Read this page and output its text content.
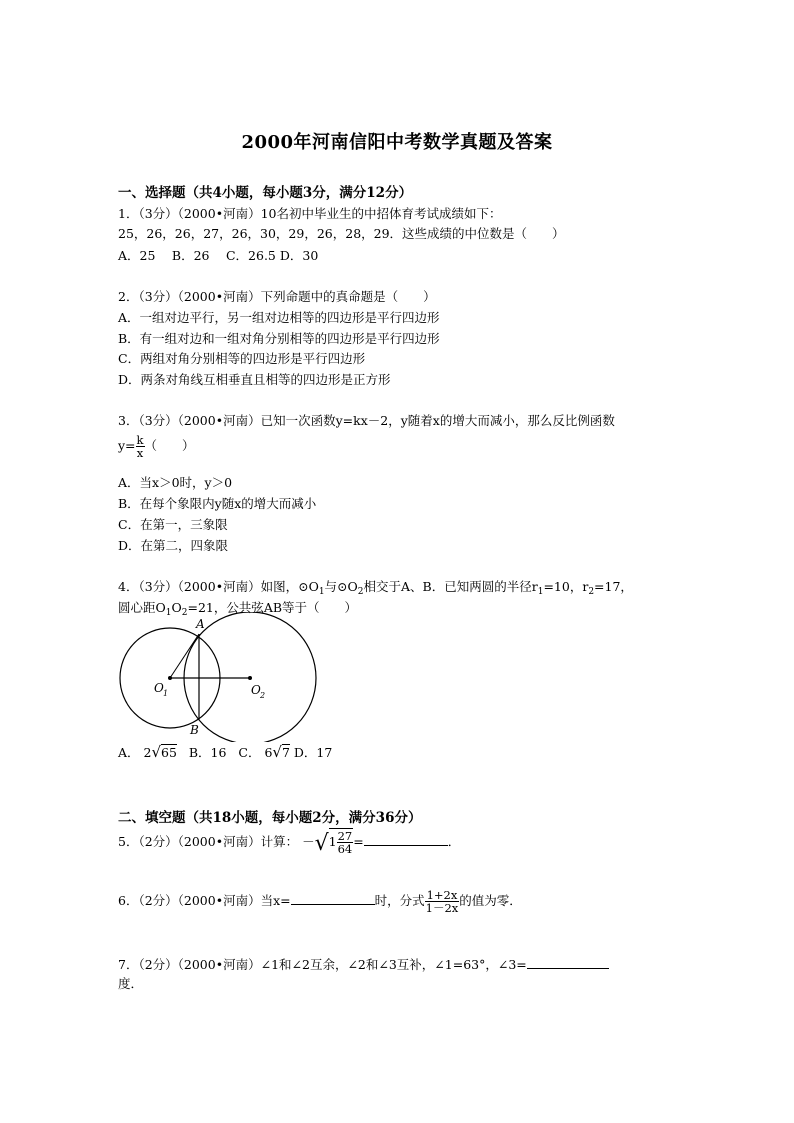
2000年河南信阳中考数学真题及答案
一、选择题（共4小题，每小题3分，满分12分）
1．（3分）（2000•河南）10名初中毕业生的中招体育考试成绩如下：
25，26，26，27，26，30，29，26，28，29．这些成绩的中位数是（　　）
A．25　 B．26　 C．26.5 D．30
2．（3分）（2000•河南）下列命题中的真命题是（　　）
A．一组对边平行，另一组对边相等的四边形是平行四边形
B．有一组对边和一组对角分别相等的四边形是平行四边形
C．两组对角分别相等的四边形是平行四边形
D．两条对角线互相垂直且相等的四边形是正方形
3．（3分）（2000•河南）已知一次函数y=kx－2，y随着x的增大而减小，那么反比例函数
$y= \frac{k}{x}$ （　　）
A．当x＞0时，y＞0
B．在每个象限内y随x的增大而减小
C．在第一，三象限
D．在第二，四象限
4．（3分）（2000•河南）如图，$⊙O_1$与$⊙O_2$相交于A、B．已知两圆的半径$r_1=10$，$r_2=17$，
圆心距$O_1O_2=21$，公共弦AB等于（　　）
A
B
O 1	O 2
A． 2√65 B．16 C． 6√7 D．17
二、填空题（共18小题，每小题2分，满分36分）
5．（2分）（2000•河南）计算： $-√1 \frac{27}{64}$ =	．
6．（2分）（2000•河南）当x=	时，分式 $\frac{1+2x}{1-2x}$ 的值为零．
7．（2分）（2000•河南）∠1和∠2互余，∠2和∠3互补，∠1=63°，∠3=
度．
